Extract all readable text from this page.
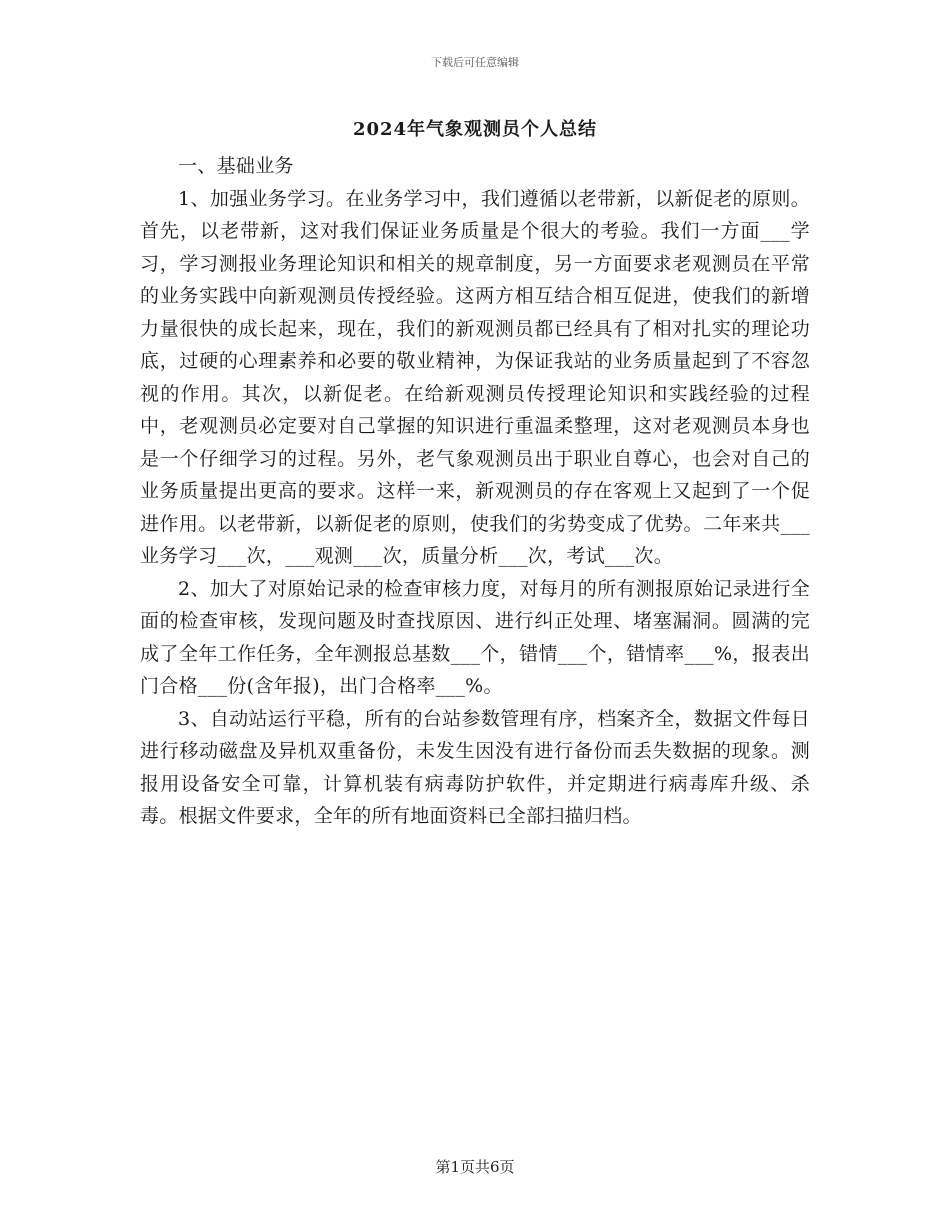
下载后可任意编辑
2024年气象观测员个人总结

一、基础业务

1、加强业务学习。在业务学习中，我们遵循以老带新，以新促老的原则。首先，以老带新，这对我们保证业务质量是个很大的考验。我们一方面___学习，学习测报业务理论知识和相关的规章制度，另一方面要求老观测员在平常的业务实践中向新观测员传授经验。这两方相互结合相互促进，使我们的新增力量很快的成长起来，现在，我们的新观测员都已经具有了相对扎实的理论功底，过硬的心理素养和必要的敬业精神，为保证我站的业务质量起到了不容忽视的作用。其次，以新促老。在给新观测员传授理论知识和实践经验的过程中，老观测员必定要对自己掌握的知识进行重温柔整理，这对老观测员本身也是一个仔细学习的过程。另外，老气象观测员出于职业自尊心，也会对自己的业务质量提出更高的要求。这样一来，新观测员的存在客观上又起到了一个促进作用。以老带新，以新促老的原则，使我们的劣势变成了优势。二年来共___业务学习___次，___观测___次，质量分析___次，考试___次。

2、加大了对原始记录的检查审核力度，对每月的所有测报原始记录进行全面的检查审核，发现问题及时查找原因、进行纠正处理、堵塞漏洞。圆满的完成了全年工作任务，全年测报总基数___个，错情___个，错情率___%，报表出门合格___份(含年报)，出门合格率___%。

3、自动站运行平稳，所有的台站参数管理有序，档案齐全，数据文件每日进行移动磁盘及异机双重备份，未发生因没有进行备份而丢失数据的现象。测报用设备安全可靠，计算机装有病毒防护软件，并定期进行病毒库升级、杀毒。根据文件要求，全年的所有地面资料已全部扫描归档。

第1页共6页
